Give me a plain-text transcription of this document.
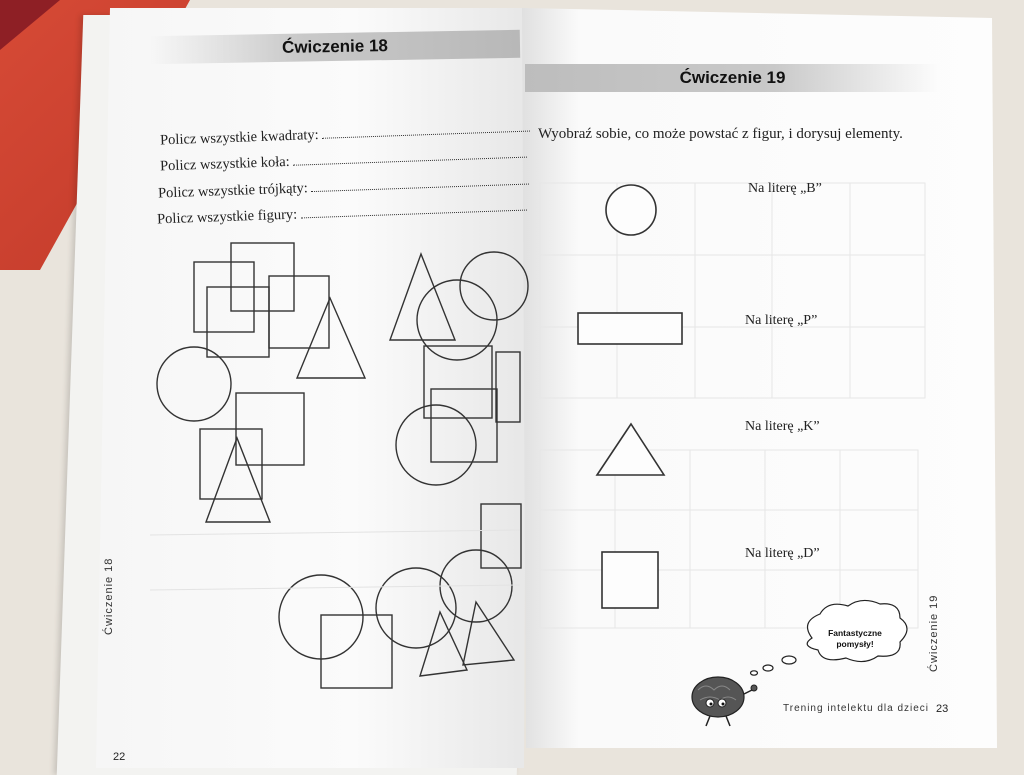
Ćwiczenie 18
Policz wszystkie kwadraty:
Policz wszystkie koła:
Policz wszystkie trójkąty:
Policz wszystkie figury:
Ćwiczenie 18
22
Ćwiczenie 19
Wyobraź sobie, co może powstać z figur, i dorysuj elementy.
Na literę „B”
Na literę „P”
Na literę „K”
Na literę „D”
Fantastyczne pomysły!	Ćwiczenie 19
Trening intelektu dla dzieci 23
